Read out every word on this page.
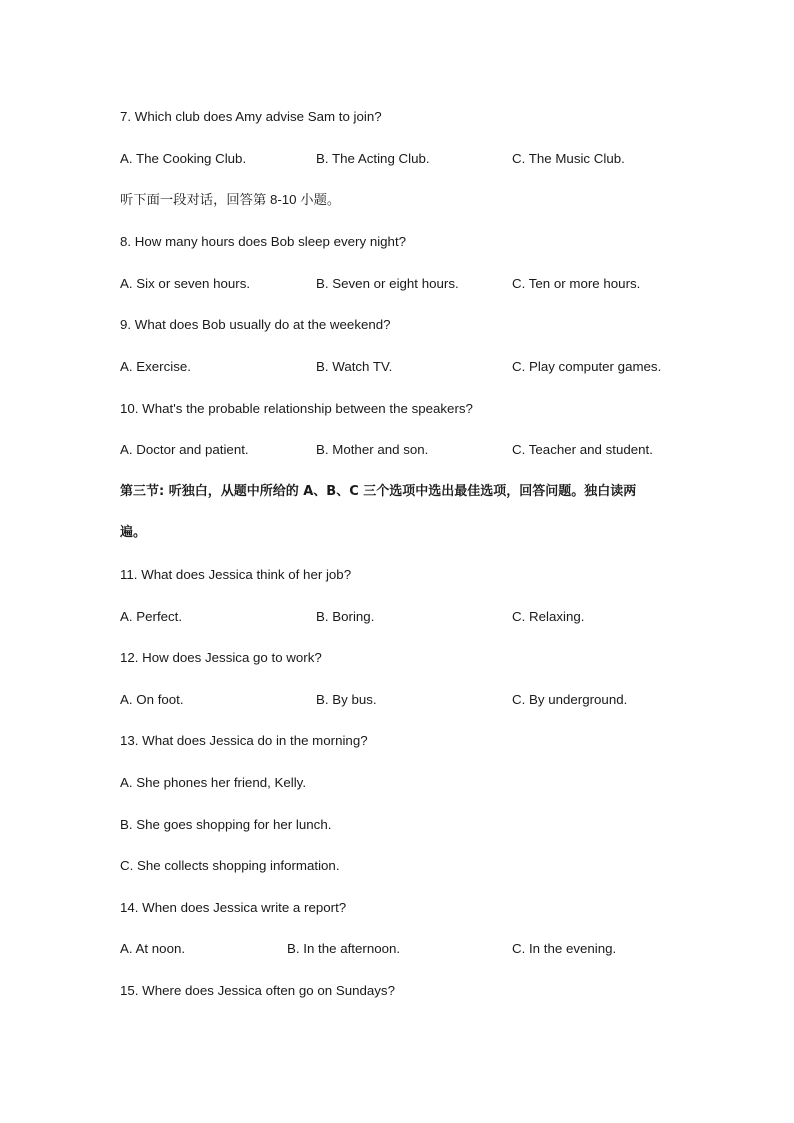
7. Which club does Amy advise Sam to join?
A. The Cooking Club.	B. The Acting Club.	C. The Music Club.
听下面一段对话，回答第 8-10 小题。
8. How many hours does Bob sleep every night?
A. Six or seven hours.	B. Seven or eight hours.	C. Ten or more hours.
9. What does Bob usually do at the weekend?
A. Exercise.	B. Watch TV.	C. Play computer games.
10. What's the probable relationship between the speakers?
A. Doctor and patient.	B. Mother and son.	C. Teacher and student.
第三节: 听独白，从题中所给的 A、B、C 三个选项中选出最佳选项，回答问题。独白读两
遍。
11. What does Jessica think of her job?
A. Perfect.	B. Boring.	C. Relaxing.
12. How does Jessica go to work?
A. On foot.	B. By bus.	C. By underground.
13. What does Jessica do in the morning?
A. She phones her friend, Kelly.
B. She goes shopping for her lunch.
C. She collects shopping information.
14. When does Jessica write a report?
A. At noon.	B. In the afternoon.	C. In the evening.
15. Where does Jessica often go on Sundays?
